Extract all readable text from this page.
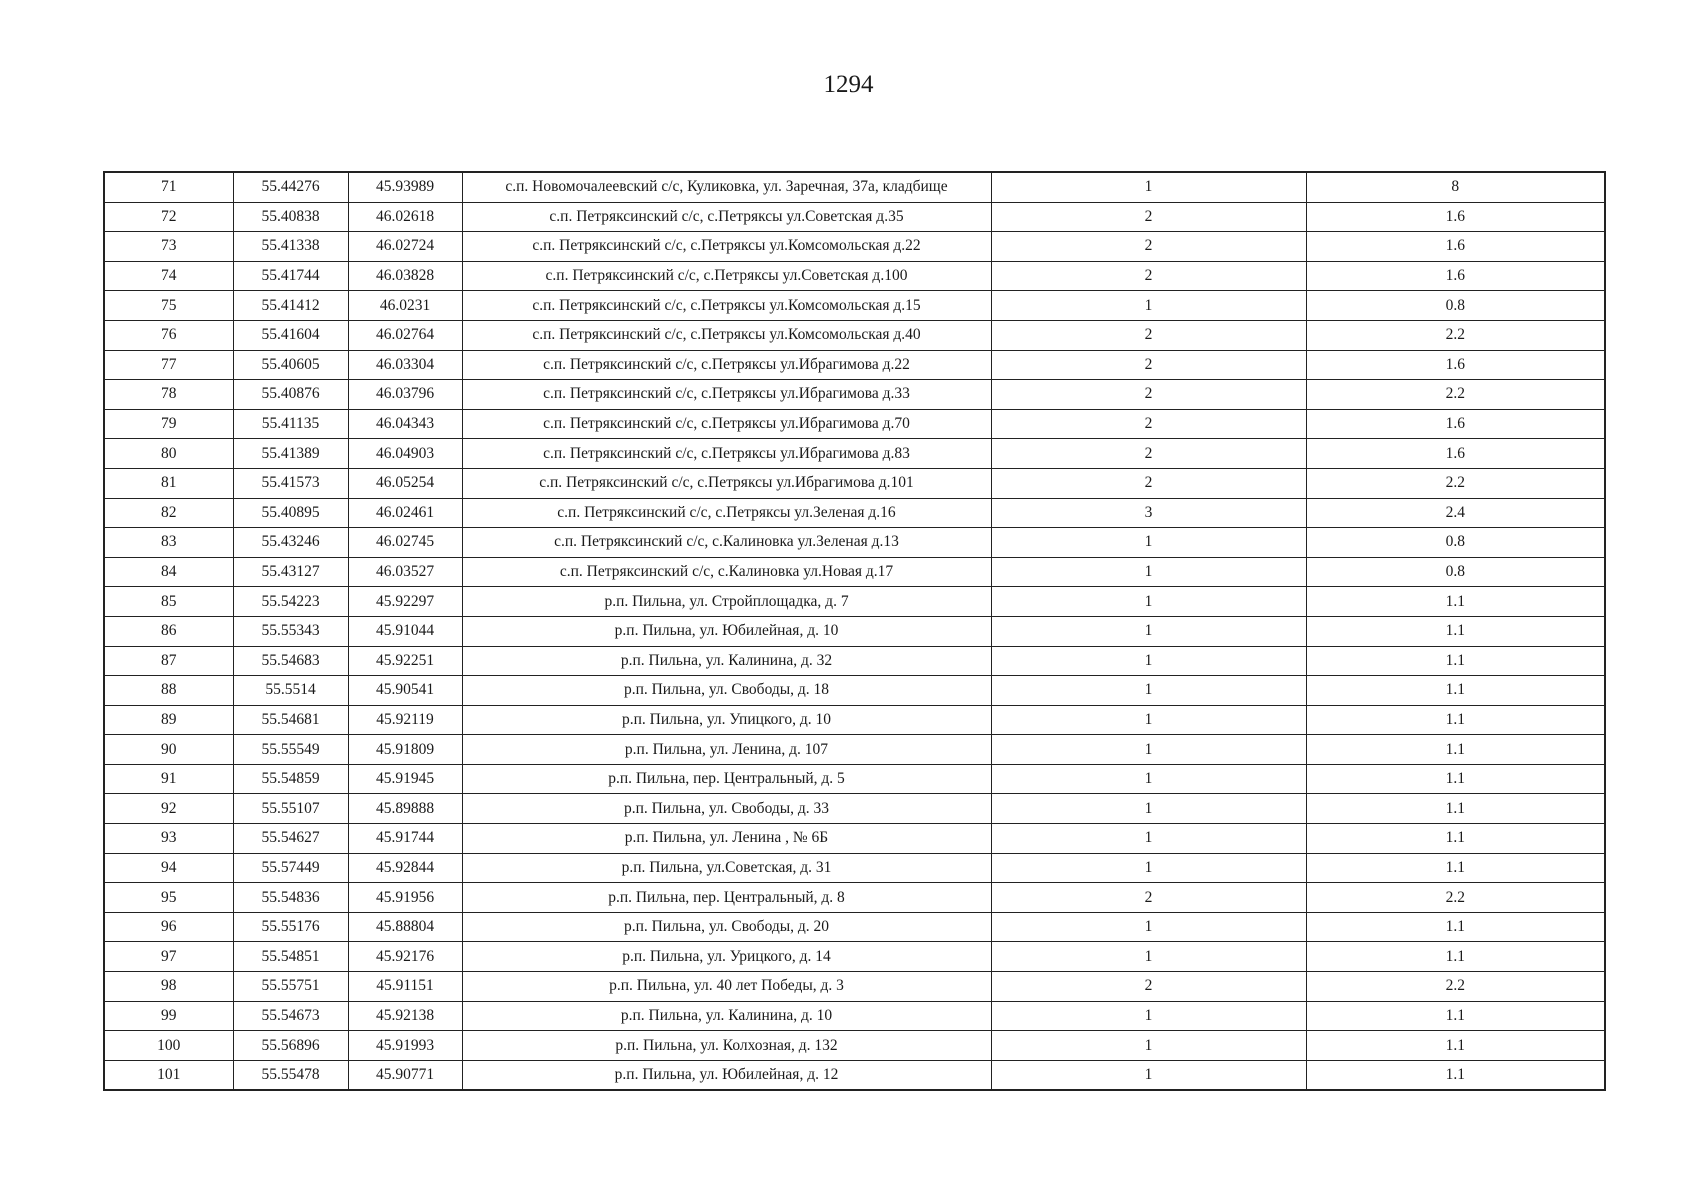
1294
71	55.44276	45.93989	с.п. Новомочалеевский с/с, Куликовка, ул. Заречная, 37а, кладбище	1	8
72	55.40838	46.02618	с.п. Петряксинский с/с, с.Петряксы ул.Советская д.35	2	1.6
73	55.41338	46.02724	с.п. Петряксинский с/с, с.Петряксы ул.Комсомольская д.22	2	1.6
74	55.41744	46.03828	с.п. Петряксинский с/с, с.Петряксы ул.Советская д.100	2	1.6
75	55.41412	46.0231	с.п. Петряксинский с/с, с.Петряксы ул.Комсомольская д.15	1	0.8
76	55.41604	46.02764	с.п. Петряксинский с/с, с.Петряксы ул.Комсомольская д.40	2	2.2
77	55.40605	46.03304	с.п. Петряксинский с/с, с.Петряксы ул.Ибрагимова д.22	2	1.6
78	55.40876	46.03796	с.п. Петряксинский с/с, с.Петряксы ул.Ибрагимова д.33	2	2.2
79	55.41135	46.04343	с.п. Петряксинский с/с, с.Петряксы ул.Ибрагимова д.70	2	1.6
80	55.41389	46.04903	с.п. Петряксинский с/с, с.Петряксы ул.Ибрагимова д.83	2	1.6
81	55.41573	46.05254	с.п. Петряксинский с/с, с.Петряксы ул.Ибрагимова д.101	2	2.2
82	55.40895	46.02461	с.п. Петряксинский с/с, с.Петряксы ул.Зеленая д.16	3	2.4
83	55.43246	46.02745	с.п. Петряксинский с/с, с.Калиновка ул.Зеленая д.13	1	0.8
84	55.43127	46.03527	с.п. Петряксинский с/с, с.Калиновка ул.Новая д.17	1	0.8
85	55.54223	45.92297	р.п. Пильна, ул. Стройплощадка, д. 7	1	1.1
86	55.55343	45.91044	р.п. Пильна, ул. Юбилейная, д. 10	1	1.1
87	55.54683	45.92251	р.п. Пильна, ул. Калинина, д. 32	1	1.1
88	55.5514	45.90541	р.п. Пильна, ул. Свободы, д. 18	1	1.1
89	55.54681	45.92119	р.п. Пильна, ул. Упицкого, д. 10	1	1.1
90	55.55549	45.91809	р.п. Пильна, ул. Ленина, д. 107	1	1.1
91	55.54859	45.91945	р.п. Пильна, пер. Центральный, д. 5	1	1.1
92	55.55107	45.89888	р.п. Пильна, ул. Свободы, д. 33	1	1.1
93	55.54627	45.91744	р.п. Пильна, ул. Ленина , № 6Б	1	1.1
94	55.57449	45.92844	р.п. Пильна, ул.Советская, д. 31	1	1.1
95	55.54836	45.91956	р.п. Пильна, пер. Центральный, д. 8	2	2.2
96	55.55176	45.88804	р.п. Пильна, ул. Свободы, д. 20	1	1.1
97	55.54851	45.92176	р.п. Пильна, ул. Урицкого, д. 14	1	1.1
98	55.55751	45.91151	р.п. Пильна, ул. 40 лет Победы, д. 3	2	2.2
99	55.54673	45.92138	р.п. Пильна, ул. Калинина, д. 10	1	1.1
100	55.56896	45.91993	р.п. Пильна, ул. Колхозная, д. 132	1	1.1
101	55.55478	45.90771	р.п. Пильна, ул. Юбилейная, д. 12	1	1.1
